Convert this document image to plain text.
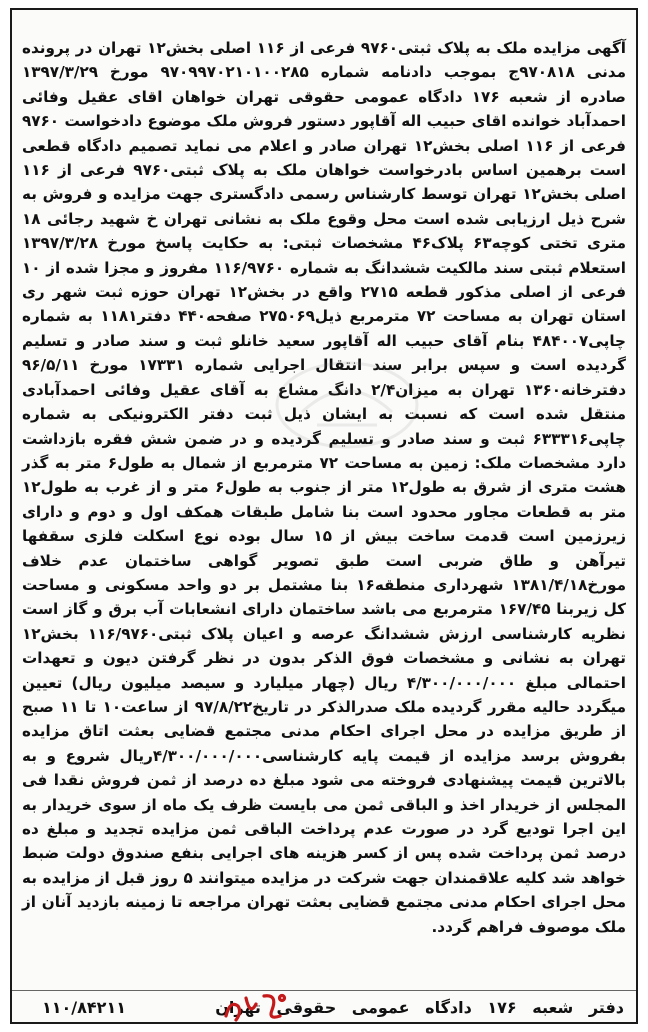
آگهی مزایده ملک به پلاک ثبتی۹۷۶۰ فرعی از ۱۱۶ اصلی بخش۱۲ تهران در پرونده مدنی ۹۷۰۸۱۸ج بموجب دادنامه شماره ۹۷۰۹۹۷۰۲۱۰۱۰۰۲۸۵ مورخ ۱۳۹۷/۳/۲۹ صادره از شعبه ۱۷۶ دادگاه عمومی حقوقی تهران خواهان اقای عقیل وفائی احمدآباد خوانده اقای حبیب اله آقاپور دستور فروش ملک موضوع دادخواست ۹۷۶۰ فرعی از ۱۱۶ اصلی بخش۱۲ تهران صادر و اعلام می نماید تصمیم دادگاه قطعی است برهمین اساس بادرخواست خواهان ملک به پلاک ثبتی۹۷۶۰ فرعی از ۱۱۶ اصلی بخش۱۲ تهران توسط کارشناس رسمی دادگستری جهت مزایده و فروش به شرح ذیل ارزیابی شده است محل وقوع ملک به نشانی تهران خ شهید رجائی ۱۸ متری تختی کوچه۶۳ پلاک۴۶ مشخصات ثبتی: به حکایت پاسخ مورخ ۱۳۹۷/۳/۲۸ استعلام ثبتی سند مالکیت ششدانگ به شماره ۱۱۶/۹۷۶۰ مفروز و مجزا شده از ۱۰ فرعی از اصلی مذکور قطعه ۲۷۱۵ واقع در بخش۱۲ تهران حوزه ثبت شهر ری استان تهران به مساحت ۷۲ مترمربع ذیل۲۷۵۰۶۹ صفحه۴۴۰ دفتر۱۱۸۱ به شماره چاپی۴۸۴۰۰۷ بنام آقای حبیب اله آقاپور سعید خانلو ثبت و سند صادر و تسلیم گردیده است و سپس برابر سند انتقال اجرایی شماره ۱۷۳۳۱ مورخ ۹۶/۵/۱۱ دفترخانه۱۳۶۰ تهران به میزان۲/۴ دانگ مشاع به آقای عقیل وفائی احمدآبادی منتقل شده است که نسبت به ایشان ذیل ثبت دفتر الکترونیکی به شماره چاپی۶۳۳۳۱۶ ثبت و سند صادر و تسلیم گردیده و در ضمن شش فقره بازداشت دارد مشخصات ملک: زمین به مساحت ۷۲ مترمربع از شمال به طول۶ متر به گذر هشت متری از شرق به طول۱۲ متر از جنوب به طول۶ متر و از غرب به طول۱۲ متر به قطعات مجاور محدود است بنا شامل طبقات همکف اول و دوم و دارای زیرزمین است قدمت ساخت بیش از ۱۵ سال بوده نوع اسکلت فلزی سقفها تیرآهن و طاق ضربی است طبق تصویر گواهی ساختمان عدم خلاف مورخ۱۳۸۱/۴/۱۸ شهرداری منطقه۱۶ بنا مشتمل بر دو واحد مسکونی و مساحت کل زیربنا ۱۶۷/۴۵ مترمربع می باشد ساختمان دارای انشعابات آب برق و گاز است نظریه کارشناسی ارزش ششدانگ عرصه و اعیان پلاک ثبتی۱۱۶/۹۷۶۰ بخش۱۲ تهران به نشانی و مشخصات فوق الذکر بدون در نظر گرفتن دیون و تعهدات احتمالی مبلغ ۴/۳۰۰/۰۰۰/۰۰۰ ریال (چهار میلیارد و سیصد میلیون ریال) تعیین میگردد حالیه مقرر گردیده ملک صدرالذکر در تاریخ۹۷/۸/۲۲ از ساعت۱۰ تا ۱۱ صبح از طریق مزایده در محل اجرای احکام مدنی مجتمع قضایی بعثت اتاق مزایده بفروش برسد مزایده از قیمت پایه کارشناسی۴/۳۰۰/۰۰۰/۰۰۰ریال شروع و به بالاترین قیمت پیشنهادی فروخته می شود مبلغ ده درصد از ثمن فروش نقدا فی المجلس از خریدار اخذ و الباقی ثمن می بایست ظرف یک ماه از سوی خریدار به این اجرا تودیع گرد در صورت عدم پرداخت الباقی ثمن مزایده تجدید و مبلغ ده درصد ثمن پرداخت شده پس از کسر هزینه های اجرایی بنفع صندوق دولت ضبط خواهد شد کلیه علاقمندان جهت شرکت در مزایده میتوانند ۵ روز قبل از مزایده به محل اجرای احکام مدنی مجتمع قضایی بعثت تهران مراجعه تا زمینه بازدید آنان از ملک موصوف فراهم گردد.

دفتر شعبه ۱۷۶ دادگاه عمومی حقوقی تهران
۱۱۰/۸۴۲۱۱
